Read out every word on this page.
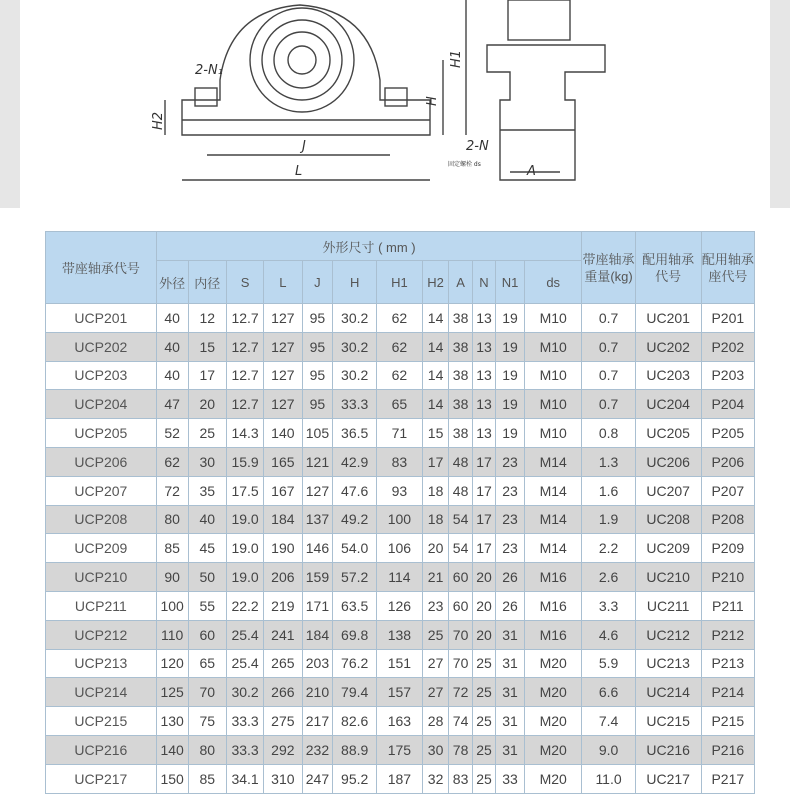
2-N₁
H2
H1
H
J
L
2-N
A
固定螺栓 ds
带座轴承代号	外形尺寸 ( mm )												带座轴承重量(kg)	配用轴承代号	配用轴承座代号
	外径	内径	S	L	J	H	H1	H2	A	N	N1	ds			
UCP201	40	12	12.7	127	95	30.2	62	14	38	13	19	M10	0.7	UC201	P201
UCP202	40	15	12.7	127	95	30.2	62	14	38	13	19	M10	0.7	UC202	P202
UCP203	40	17	12.7	127	95	30.2	62	14	38	13	19	M10	0.7	UC203	P203
UCP204	47	20	12.7	127	95	33.3	65	14	38	13	19	M10	0.7	UC204	P204
UCP205	52	25	14.3	140	105	36.5	71	15	38	13	19	M10	0.8	UC205	P205
UCP206	62	30	15.9	165	121	42.9	83	17	48	17	23	M14	1.3	UC206	P206
UCP207	72	35	17.5	167	127	47.6	93	18	48	17	23	M14	1.6	UC207	P207
UCP208	80	40	19.0	184	137	49.2	100	18	54	17	23	M14	1.9	UC208	P208
UCP209	85	45	19.0	190	146	54.0	106	20	54	17	23	M14	2.2	UC209	P209
UCP210	90	50	19.0	206	159	57.2	114	21	60	20	26	M16	2.6	UC210	P210
UCP211	100	55	22.2	219	171	63.5	126	23	60	20	26	M16	3.3	UC211	P211
UCP212	110	60	25.4	241	184	69.8	138	25	70	20	31	M16	4.6	UC212	P212
UCP213	120	65	25.4	265	203	76.2	151	27	70	25	31	M20	5.9	UC213	P213
UCP214	125	70	30.2	266	210	79.4	157	27	72	25	31	M20	6.6	UC214	P214
UCP215	130	75	33.3	275	217	82.6	163	28	74	25	31	M20	7.4	UC215	P215
UCP216	140	80	33.3	292	232	88.9	175	30	78	25	31	M20	9.0	UC216	P216
UCP217	150	85	34.1	310	247	95.2	187	32	83	25	33	M20	11.0	UC217	P217
